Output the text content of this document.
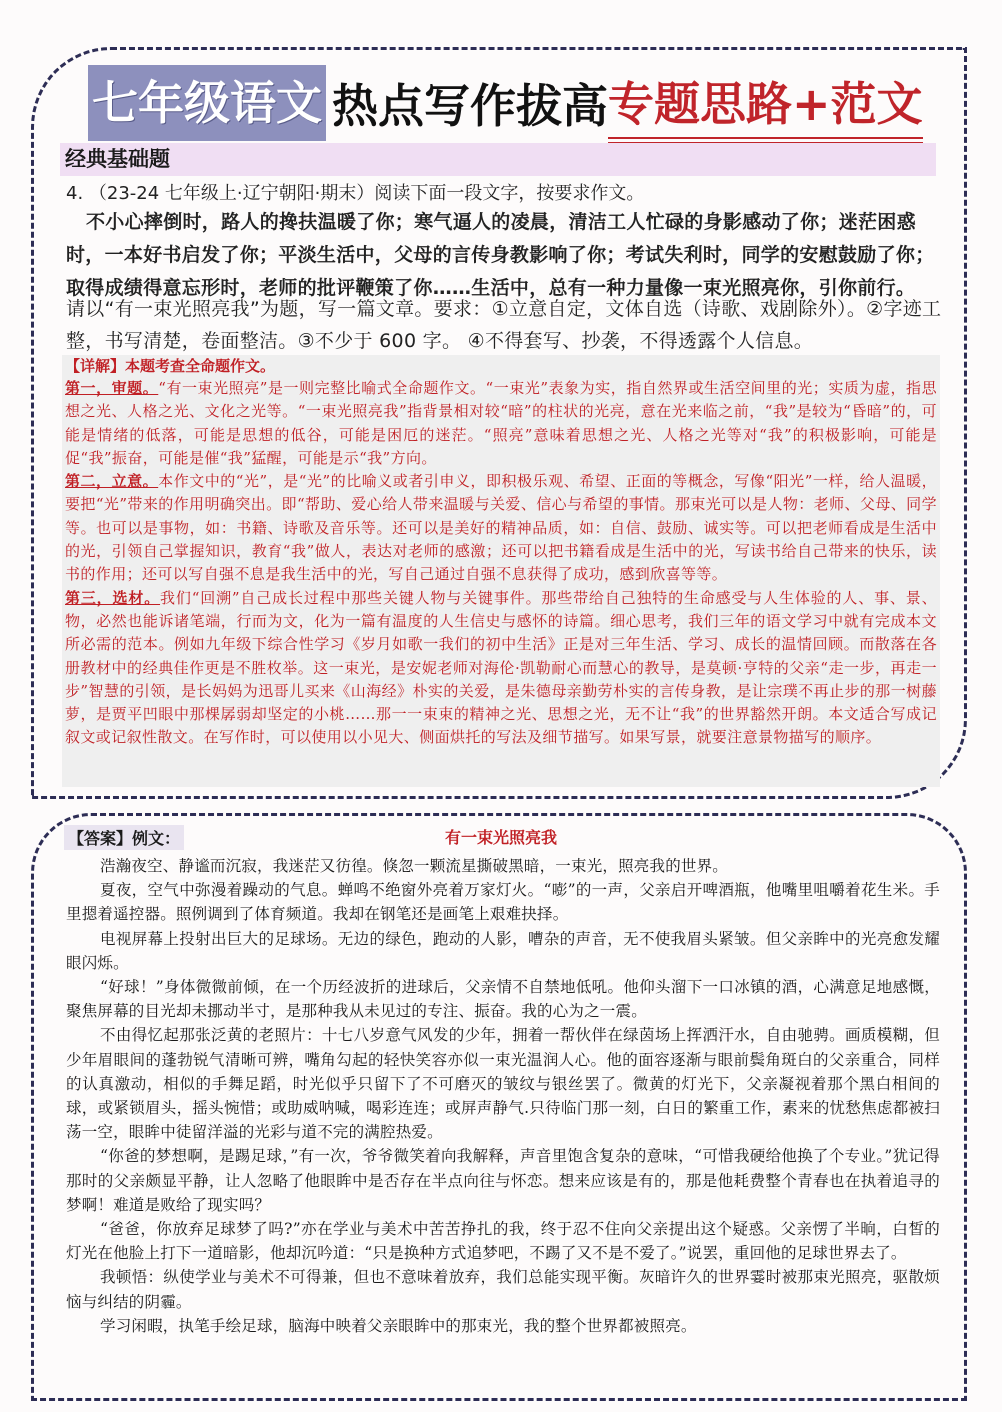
七年级语文 热点写作拔高 专题思路+范文
经典基础题
4. （23-24 七年级上·辽宁朝阳·期末）阅读下面一段文字，按要求作文。

不小心摔倒时，路人的搀扶温暖了你；寒气逼人的凌晨，清洁工人忙碌的身影感动了你；迷茫困惑时，一本好书启发了你；平淡生活中，父母的言传身教影响了你；考试失利时，同学的安慰鼓励了你；取得成绩得意忘形时，老师的批评鞭策了你……生活中，总有一种力量像一束光照亮你，引你前行。

请以“有一束光照亮我”为题，写一篇文章。要求：①立意自定，文体自选（诗歌、戏剧除外）。②字迹工整，书写清楚，卷面整洁。③不少于 600 字。 ④不得套写、抄袭，不得透露个人信息。

【详解】本题考查全命题作文。

第一，审题。“有一束光照亮”是一则完整比喻式全命题作文。“一束光”表象为实，指自然界或生活空间里的光；实质为虚，指思想之光、人格之光、文化之光等。“一束光照亮我”指背景相对较“暗”的柱状的光亮，意在光来临之前，“我”是较为“昏暗”的，可能是情绪的低落，可能是思想的低谷，可能是困厄的迷茫。“照亮”意味着思想之光、人格之光等对“我”的积极影响，可能是促“我”振奋，可能是催“我”猛醒，可能是示“我”方向。

第二，立意。本作文中的“光”，是“光”的比喻义或者引申义，即积极乐观、希望、正面的等概念，写像“阳光”一样，给人温暖，要把“光”带来的作用明确突出。即“帮助、爱心给人带来温暖与关爱、信心与希望的事情。那束光可以是人物：老师、父母、同学等。也可以是事物，如：书籍、诗歌及音乐等。还可以是美好的精神品质，如：自信、鼓励、诚实等。可以把老师看成是生活中的光，引领自己掌握知识，教育“我”做人，表达对老师的感激；还可以把书籍看成是生活中的光，写读书给自己带来的快乐，读书的作用；还可以写自强不息是我生活中的光，写自己通过自强不息获得了成功，感到欣喜等等。

第三，选材。我们“回溯”自己成长过程中那些关键人物与关键事件。那些带给自己独特的生命感受与人生体验的人、事、景、物，必然也能诉诸笔端，行而为文，化为一篇有温度的人生信史与感怀的诗篇。细心思考，我们三年的语文学习中就有完成本文所必需的范本。例如九年级下综合性学习《岁月如歌一我们的初中生活》正是对三年生活、学习、成长的温情回顾。而散落在各册教材中的经典佳作更是不胜枚举。这一束光，是安妮老师对海伦·凯勒耐心而慧心的教导，是莫顿·亨特的父亲“走一步，再走一步”智慧的引领，是长妈妈为迅哥儿买来《山海经》朴实的关爱，是朱德母亲勤劳朴实的言传身教，是让宗璞不再止步的那一树藤萝，是贾平凹眼中那棵孱弱却坚定的小桃……那一一束束的精神之光、思想之光，无不让“我”的世界豁然开朗。本文适合写成记叙文或记叙性散文。在写作时，可以使用以小见大、侧面烘托的写法及细节描写。如果写景，就要注意景物描写的顺序。

【答案】例文：	有一束光照亮我

浩瀚夜空、静谧而沉寂，我迷茫又彷徨。倏忽一颗流星撕破黑暗，一束光，照亮我的世界。

夏夜，空气中弥漫着躁动的气息。蝉鸣不绝窗外亮着万家灯火。“嘭”的一声，父亲启开啤酒瓶，他嘴里咀嚼着花生米。手里摁着遥控器。照例调到了体育频道。我却在钢笔还是画笔上艰难抉择。

电视屏幕上投射出巨大的足球场。无边的绿色，跑动的人影，嘈杂的声音，无不使我眉头紧皱。但父亲眸中的光亮愈发耀眼闪烁。

“好球！”身体微微前倾，在一个历经波折的进球后，父亲情不自禁地低吼。他仰头溜下一口冰镇的酒，心满意足地感慨，聚焦屏幕的目光却未挪动半寸，是那种我从未见过的专注、振奋。我的心为之一震。

不由得忆起那张泛黄的老照片：十七八岁意气风发的少年，拥着一帮伙伴在绿茵场上挥洒汗水，自由驰骋。画质模糊，但少年眉眼间的蓬勃锐气清晰可辨，嘴角勾起的轻快笑容亦似一束光温润人心。他的面容逐渐与眼前鬓角斑白的父亲重合，同样的认真激动，相似的手舞足蹈，时光似乎只留下了不可磨灭的皱纹与银丝罢了。微黄的灯光下，父亲凝视着那个黑白相间的球，或紧锁眉头，摇头惋惜；或助威呐喊，喝彩连连；或屏声静气.只待临门那一刻，白日的繁重工作，素来的忧愁焦虑都被扫荡一空，眼眸中徒留洋溢的光彩与道不完的满腔热爱。

“你爸的梦想啊，是踢足球，”有一次，爷爷微笑着向我解释，声音里饱含复杂的意味，“可惜我硬给他换了个专业。”犹记得那时的父亲颇显平静，让人忽略了他眼眸中是否存在半点向往与怀恋。想来应该是有的，那是他耗费整个青春也在执着追寻的梦啊！难道是败给了现实吗？

“爸爸，你放弃足球梦了吗?”亦在学业与美术中苦苦挣扎的我，终于忍不住向父亲提出这个疑惑。父亲愣了半晌，白皙的灯光在他脸上打下一道暗影，他却沉吟道：“只是换种方式追梦吧，不踢了又不是不爱了。”说罢，重回他的足球世界去了。

我顿悟：纵使学业与美术不可得兼，但也不意味着放弃，我们总能实现平衡。灰暗许久的世界霎时被那束光照亮，驱散烦恼与纠结的阴霾。

学习闲暇，执笔手绘足球，脑海中映着父亲眼眸中的那束光，我的整个世界都被照亮。
